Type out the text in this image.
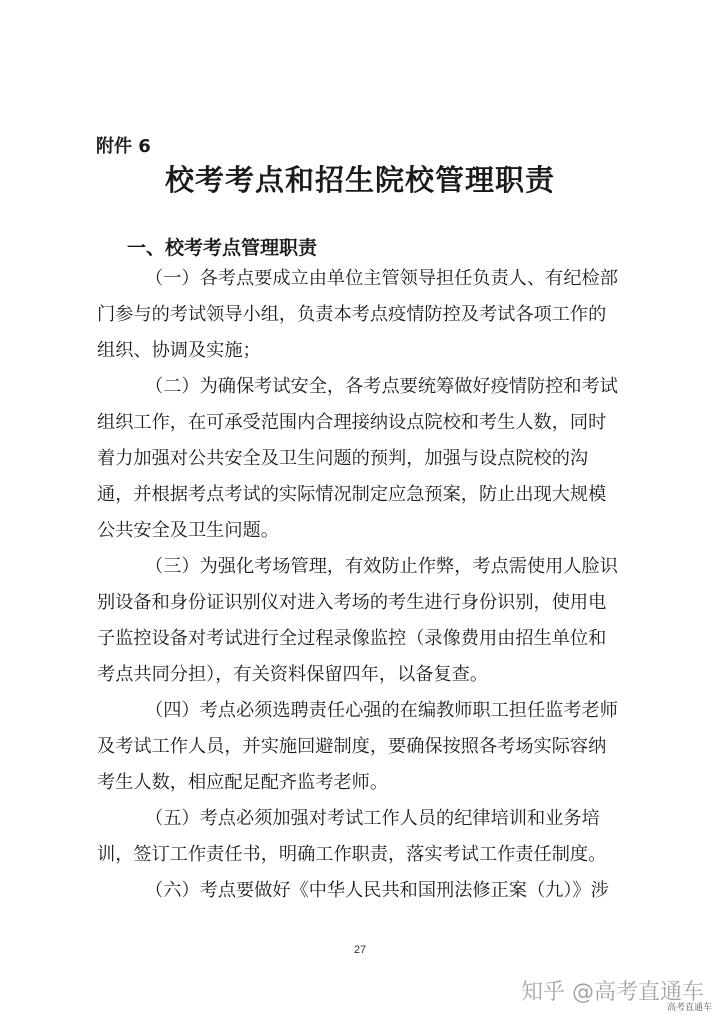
附件 6
校考考点和招生院校管理职责
一、校考考点管理职责
（一）各考点要成立由单位主管领导担任负责人、有纪检部
门参与的考试领导小组，负责本考点疫情防控及考试各项工作的
组织、协调及实施；
（二）为确保考试安全，各考点要统筹做好疫情防控和考试
组织工作，在可承受范围内合理接纳设点院校和考生人数，同时
着力加强对公共安全及卫生问题的预判，加强与设点院校的沟
通，并根据考点考试的实际情况制定应急预案，防止出现大规模
公共安全及卫生问题。
（三）为强化考场管理，有效防止作弊，考点需使用人脸识
别设备和身份证识别仪对进入考场的考生进行身份识别，使用电
子监控设备对考试进行全过程录像监控（录像费用由招生单位和
考点共同分担），有关资料保留四年，以备复查。
（四）考点必须选聘责任心强的在编教师职工担任监考老师
及考试工作人员，并实施回避制度，要确保按照各考场实际容纳
考生人数，相应配足配齐监考老师。
（五）考点必须加强对考试工作人员的纪律培训和业务培
训，签订工作责任书，明确工作职责，落实考试工作责任制度。
（六）考点要做好《中华人民共和国刑法修正案（九）》涉
27
知乎 @高考直通车
高考直通车
